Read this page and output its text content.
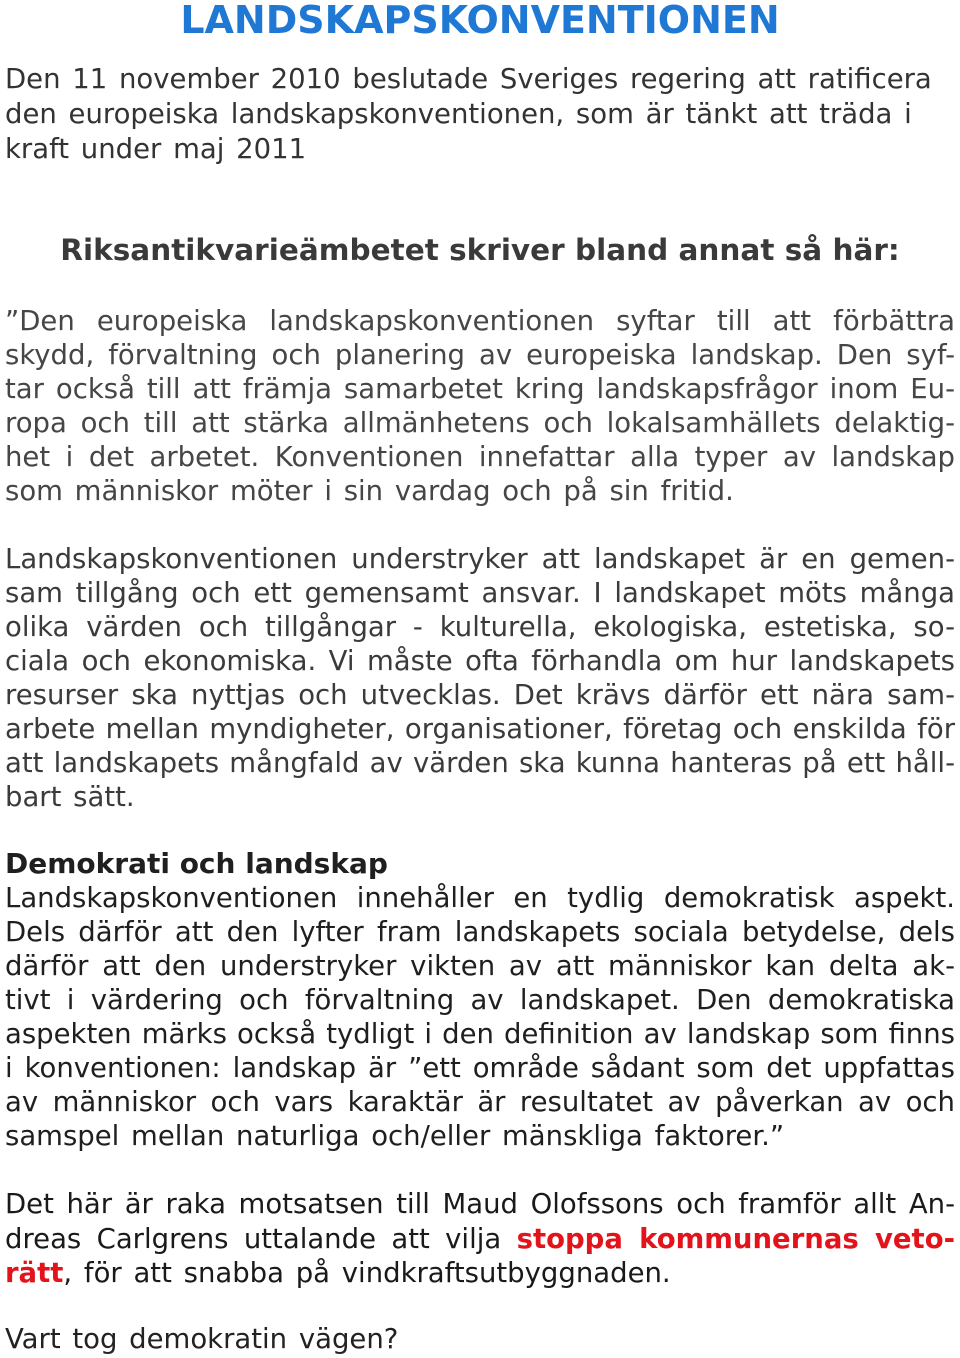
LANDSKAPSKONVENTIONEN
Den 11 november 2010 beslutade Sveriges regering att ratificera
den europeiska landskapskonventionen, som är tänkt att träda i
kraft under maj 2011
Riksantikvarieämbetet skriver bland annat så här:
”Den europeiska landskapskonventionen syftar till att förbättra
skydd, förvaltning och planering av europeiska landskap. Den syf-
tar också till att främja samarbetet kring landskapsfrågor inom Eu-
ropa och till att stärka allmänhetens och lokalsamhällets delaktig-
het i det arbetet. Konventionen innefattar alla typer av landskap
som människor möter i sin vardag och på sin fritid.
Landskapskonventionen understryker att landskapet är en gemen-
sam tillgång och ett gemensamt ansvar. I landskapet möts många
olika värden och tillgångar - kulturella, ekologiska, estetiska, so-
ciala och ekonomiska. Vi måste ofta förhandla om hur landskapets
resurser ska nyttjas och utvecklas. Det krävs därför ett nära sam-
arbete mellan myndigheter, organisationer, företag och enskilda för
att landskapets mångfald av värden ska kunna hanteras på ett håll-
bart sätt.
Demokrati och landskap
Landskapskonventionen innehåller en tydlig demokratisk aspekt.
Dels därför att den lyfter fram landskapets sociala betydelse, dels
därför att den understryker vikten av att människor kan delta ak-
tivt i värdering och förvaltning av landskapet. Den demokratiska
aspekten märks också tydligt i den definition av landskap som finns
i konventionen: landskap är ”ett område sådant som det uppfattas
av människor och vars karaktär är resultatet av påverkan av och
samspel mellan naturliga och/eller mänskliga faktorer.”
Det här är raka motsatsen till Maud Olofssons och framför allt An-
dreas Carlgrens uttalande att vilja stoppa kommunernas veto-
rätt, för att snabba på vindkraftsutbyggnaden.
Vart tog demokratin vägen?
